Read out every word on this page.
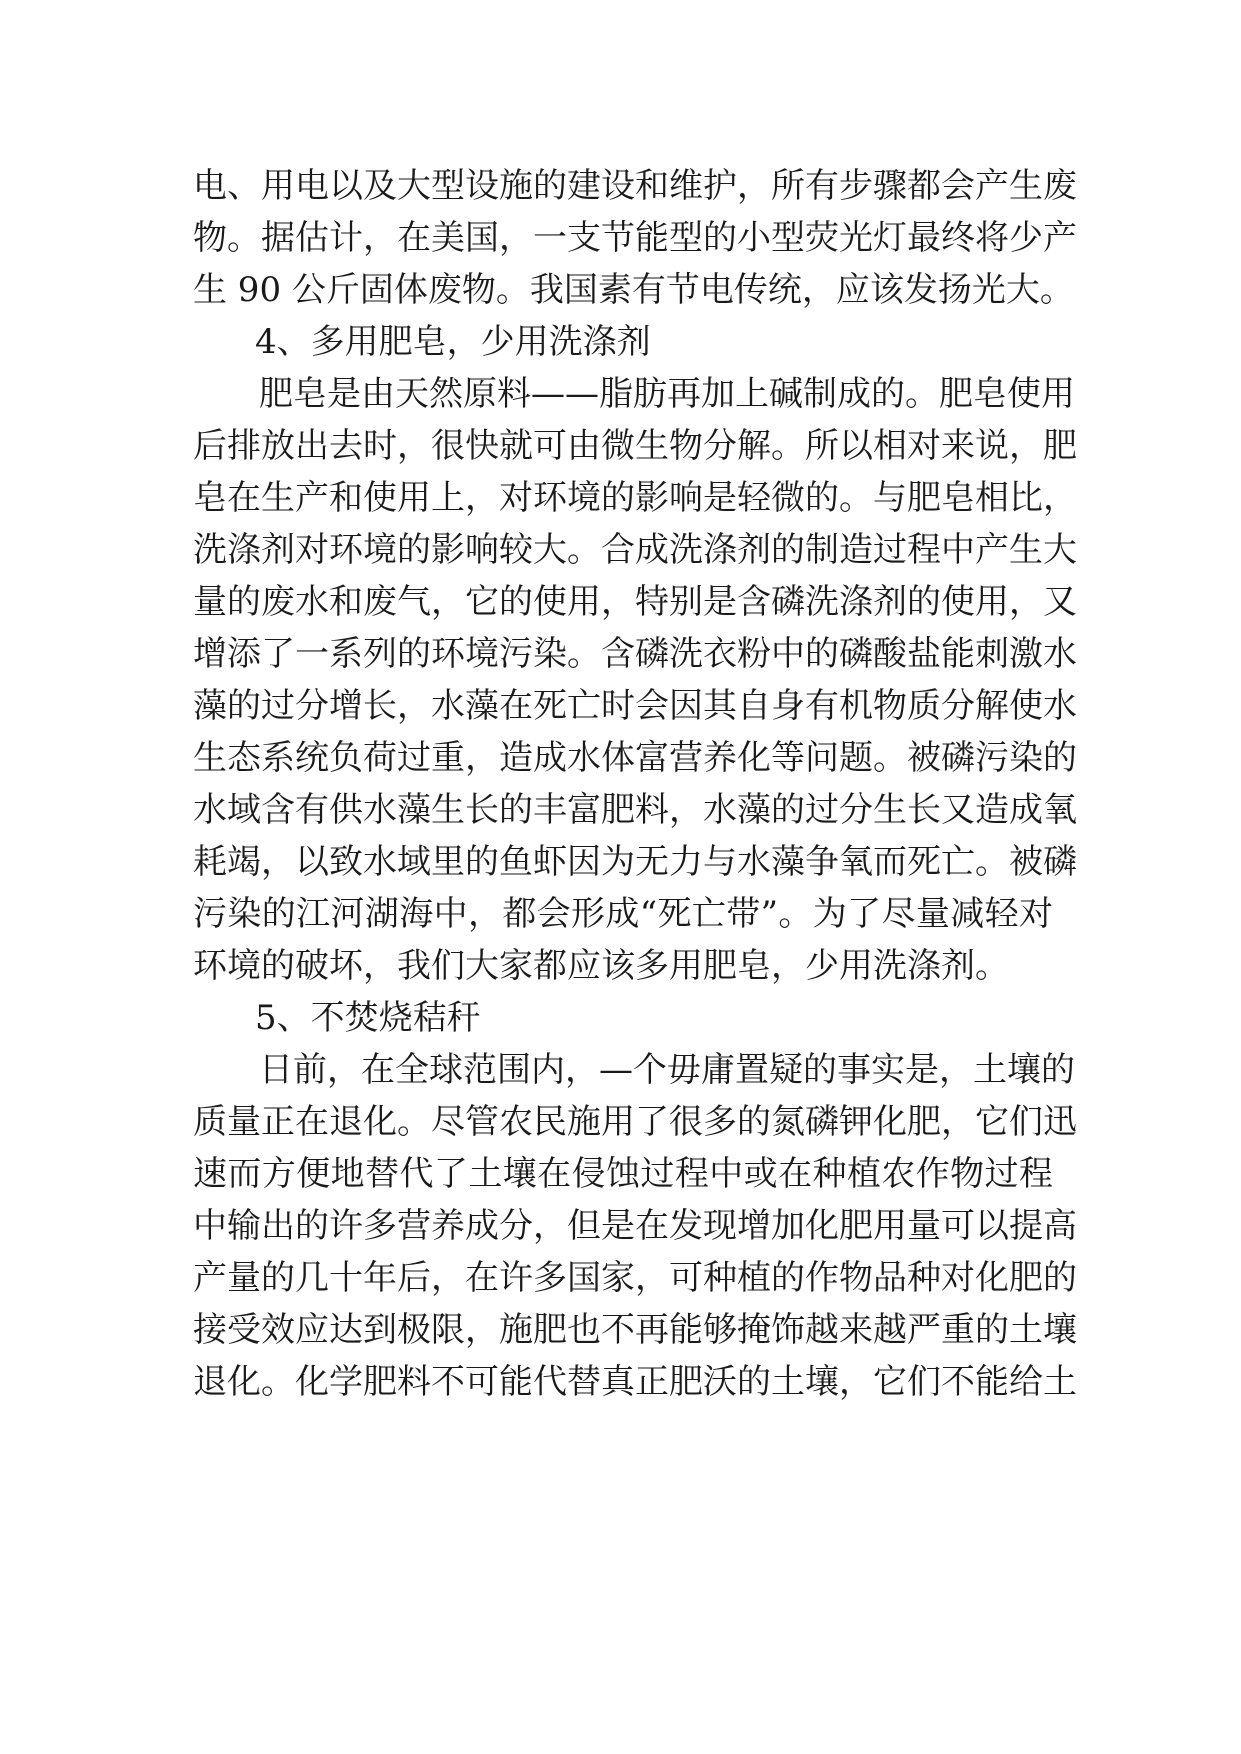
电、用电以及大型设施的建设和维护，所有步骤都会产生废
物。据估计，在美国，一支节能型的小型荧光灯最终将少产
生 90 公斤固体废物。我国素有节电传统，应该发扬光大。
4、多用肥皂，少用洗涤剂
肥皂是由天然原料——脂肪再加上碱制成的。肥皂使用
后排放出去时，很快就可由微生物分解。所以相对来说，肥
皂在生产和使用上，对环境的影响是轻微的。与肥皂相比，
洗涤剂对环境的影响较大。合成洗涤剂的制造过程中产生大
量的废水和废气，它的使用，特别是含磷洗涤剂的使用，又
增添了一系列的环境污染。含磷洗衣粉中的磷酸盐能刺激水
藻的过分增长，水藻在死亡时会因其自身有机物质分解使水
生态系统负荷过重，造成水体富营养化等问题。被磷污染的
水域含有供水藻生长的丰富肥料，水藻的过分生长又造成氧
耗竭，以致水域里的鱼虾因为无力与水藻争氧而死亡。被磷
污染的江河湖海中，都会形成“死亡带”。为了尽量减轻对
环境的破坏，我们大家都应该多用肥皂，少用洗涤剂。
5、不焚烧秸秆
日前，在全球范围内，—个毋庸置疑的事实是，土壤的
质量正在退化。尽管农民施用了很多的氮磷钾化肥，它们迅
速而方便地替代了土壤在侵蚀过程中或在种植农作物过程
中输出的许多营养成分，但是在发现增加化肥用量可以提高
产量的几十年后，在许多国家，可种植的作物品种对化肥的
接受效应达到极限，施肥也不再能够掩饰越来越严重的土壤
退化。化学肥料不可能代替真正肥沃的土壤，它们不能给土
